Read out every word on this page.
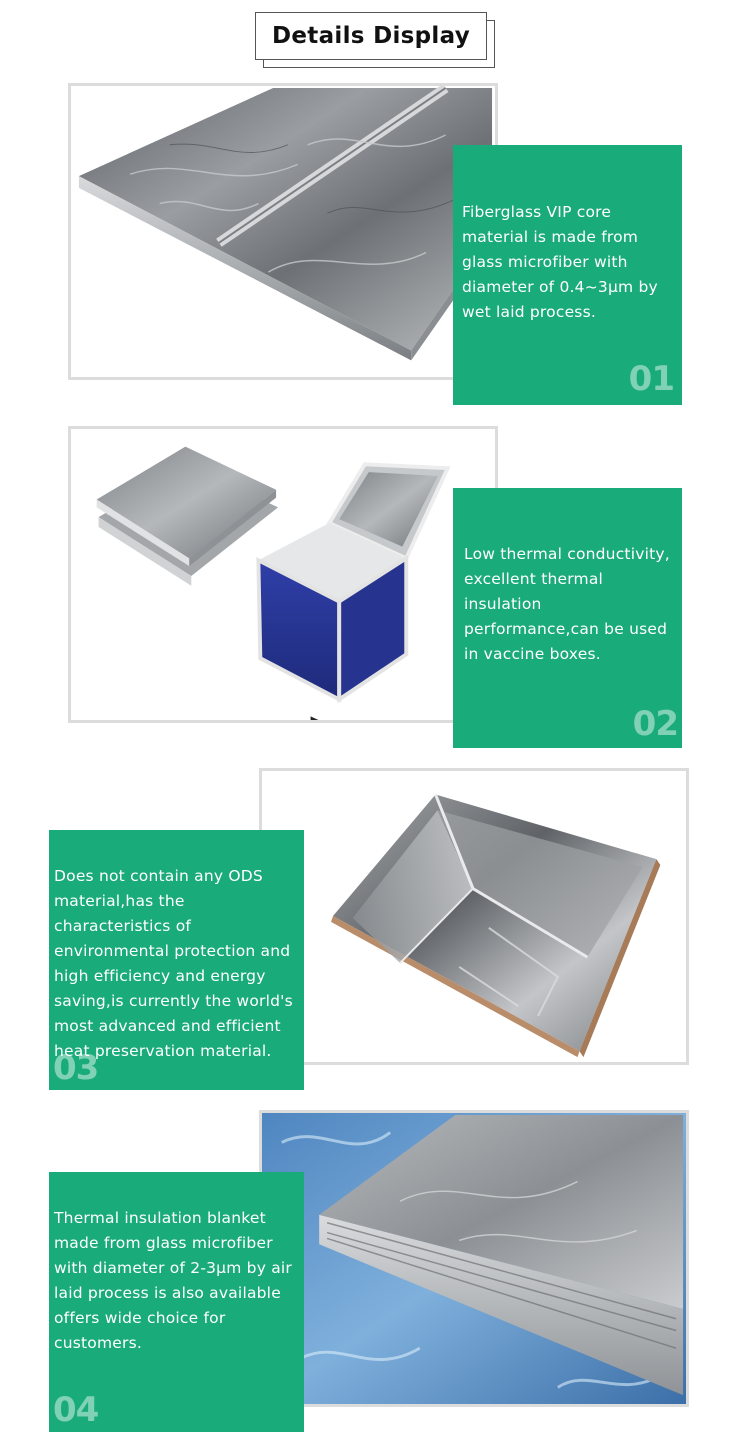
Details Display

Fiberglass VIP core material is made from glass microfiber with diameter of 0.4~3μm by wet laid process.

01

Low thermal conductivity, excellent thermal insulation performance,can be used in vaccine boxes.

02

Does not contain any ODS material,has the characteristics of environmental protection and high efficiency and energy saving,is currently the world's most advanced and efficient heat preservation material.

03

Thermal insulation blanket made from glass microfiber with diameter of 2-3μm by air laid process is also available offers wide choice for customers.

04
